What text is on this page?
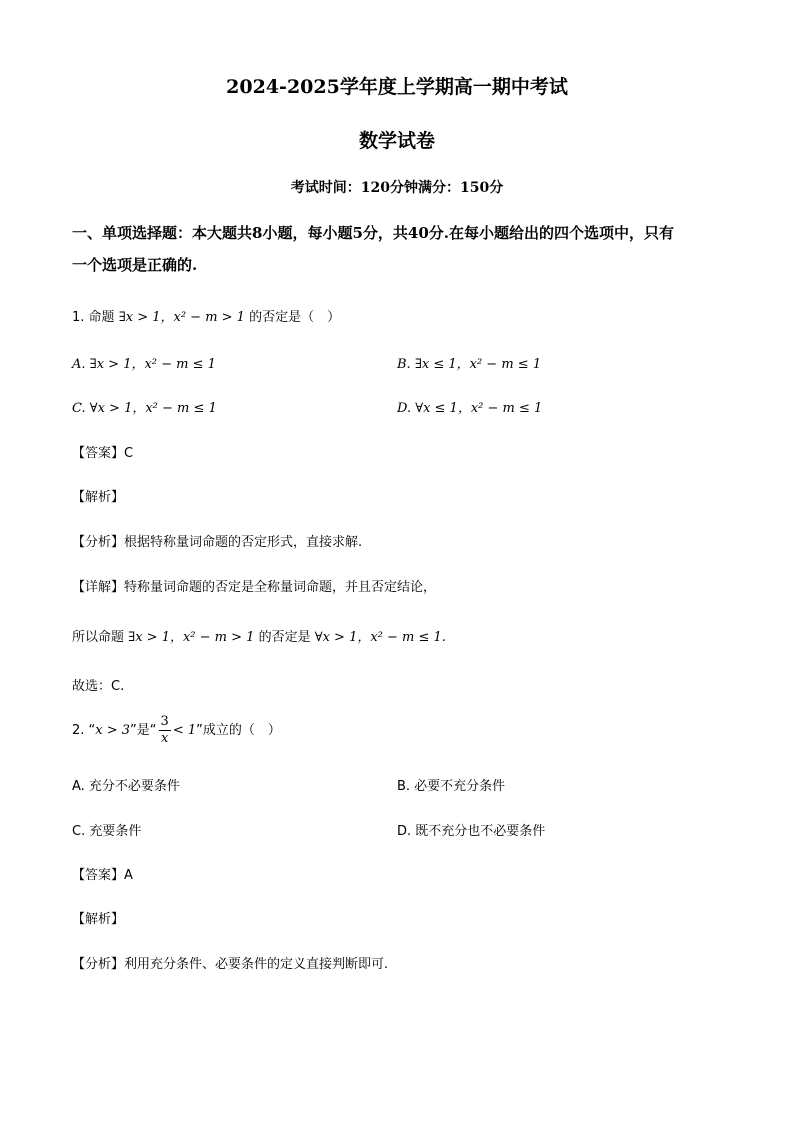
2024-2025学年度上学期高一期中考试
数学试卷
考试时间：120分钟满分：150分
一、单项选择题：本大题共8小题，每小题5分，共40分.在每小题给出的四个选项中，只有
一个选项是正确的.
1. 命题 ∃x > 1，x² − m > 1 的否定是（　）
A. ∃x > 1，x² − m ≤ 1	B. ∃x ≤ 1，x² − m ≤ 1
C. ∀x > 1，x² − m ≤ 1	D. ∀x ≤ 1，x² − m ≤ 1
【答案】C
【解析】
【分析】根据特称量词命题的否定形式，直接求解.
【详解】特称量词命题的否定是全称量词命题，并且否定结论，
所以命题 ∃x > 1，x² − m > 1 的否定是 ∀x > 1，x² − m ≤ 1.
故选：C.
2. “x > 3”是“ $\frac{3}{x} < 1$”成立的（　）
A. 充分不必要条件	B. 必要不充分条件
C. 充要条件	D. 既不充分也不必要条件
【答案】A
【解析】
【分析】利用充分条件、必要条件的定义直接判断即可.
